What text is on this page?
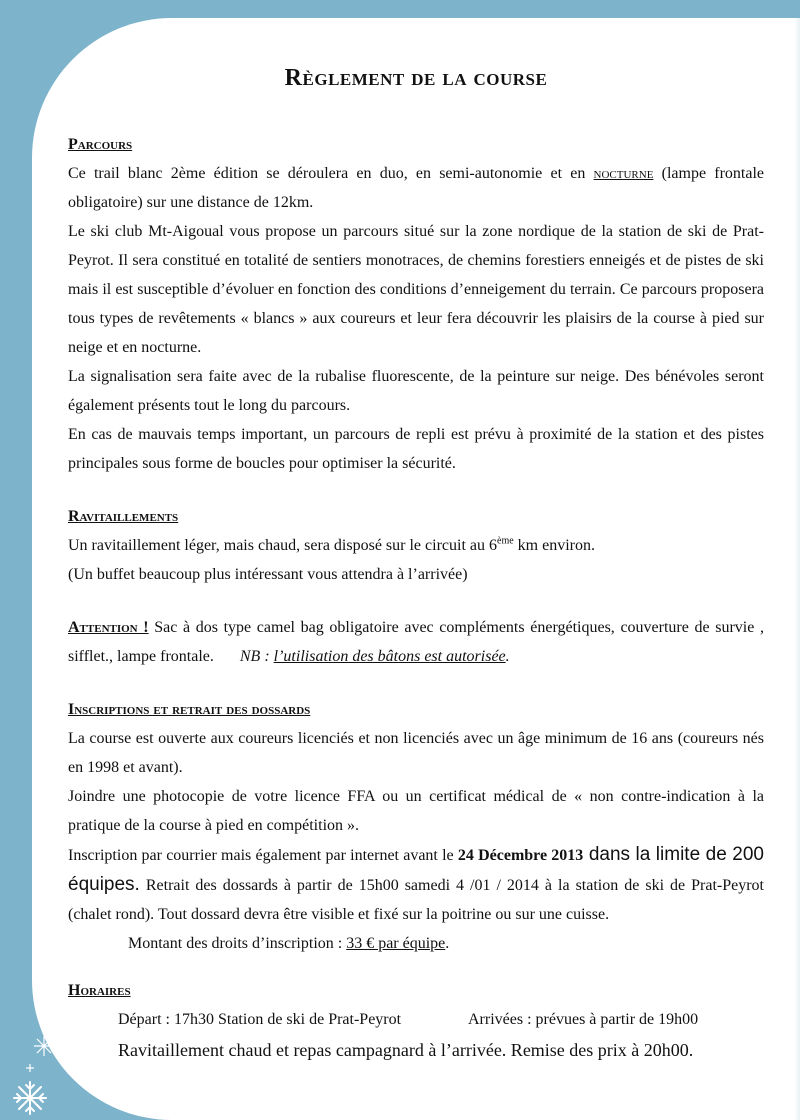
Règlement de la course
Parcours

Ce trail blanc 2ème édition se déroulera en duo, en semi-autonomie et en nocturne (lampe frontale obligatoire) sur une distance de 12km.

Le ski club Mt-Aigoual vous propose un parcours situé sur la zone nordique de la station de ski de Prat-Peyrot. Il sera constitué en totalité de sentiers monotraces, de chemins forestiers enneigés et de pistes de ski mais il est susceptible d’évoluer en fonction des conditions d’enneigement du terrain. Ce parcours proposera tous types de revêtements « blancs » aux coureurs et leur fera découvrir les plaisirs de la course à pied sur neige et en nocturne.

La signalisation sera faite avec de la rubalise fluorescente, de la peinture sur neige. Des bénévoles seront également présents tout le long du parcours.

En cas de mauvais temps important, un parcours de repli est prévu à proximité de la station et des pistes principales sous forme de boucles pour optimiser la sécurité.

Ravitaillements

Un ravitaillement léger, mais chaud, sera disposé sur le circuit au 6ème km environ.

(Un buffet beaucoup plus intéressant vous attendra à l’arrivée)

Attention ! Sac à dos type camel bag obligatoire avec compléments énergétiques, couverture de survie , sifflet., lampe frontale. NB : l’utilisation des bâtons est autorisée.

Inscriptions et retrait des dossards

La course est ouverte aux coureurs licenciés et non licenciés avec un âge minimum de 16 ans (coureurs nés en 1998 et avant).

Joindre une photocopie de votre licence FFA ou un certificat médical de « non contre-indication à la pratique de la course à pied en compétition ».

Inscription par courrier mais également par internet avant le 24 Décembre 2013 dans la limite de 200 équipes. Retrait des dossards à partir de 15h00 samedi 4 /01 / 2014 à la station de ski de Prat-Peyrot (chalet rond). Tout dossard devra être visible et fixé sur la poitrine ou sur une cuisse.

Montant des droits d’inscription : 33 € par équipe.

Horaires
Départ : 17h30 Station de ski de Prat-Peyrot	Arrivées : prévues à partir de 19h00
Ravitaillement chaud et repas campagnard à l’arrivée. Remise des prix à 20h00.
